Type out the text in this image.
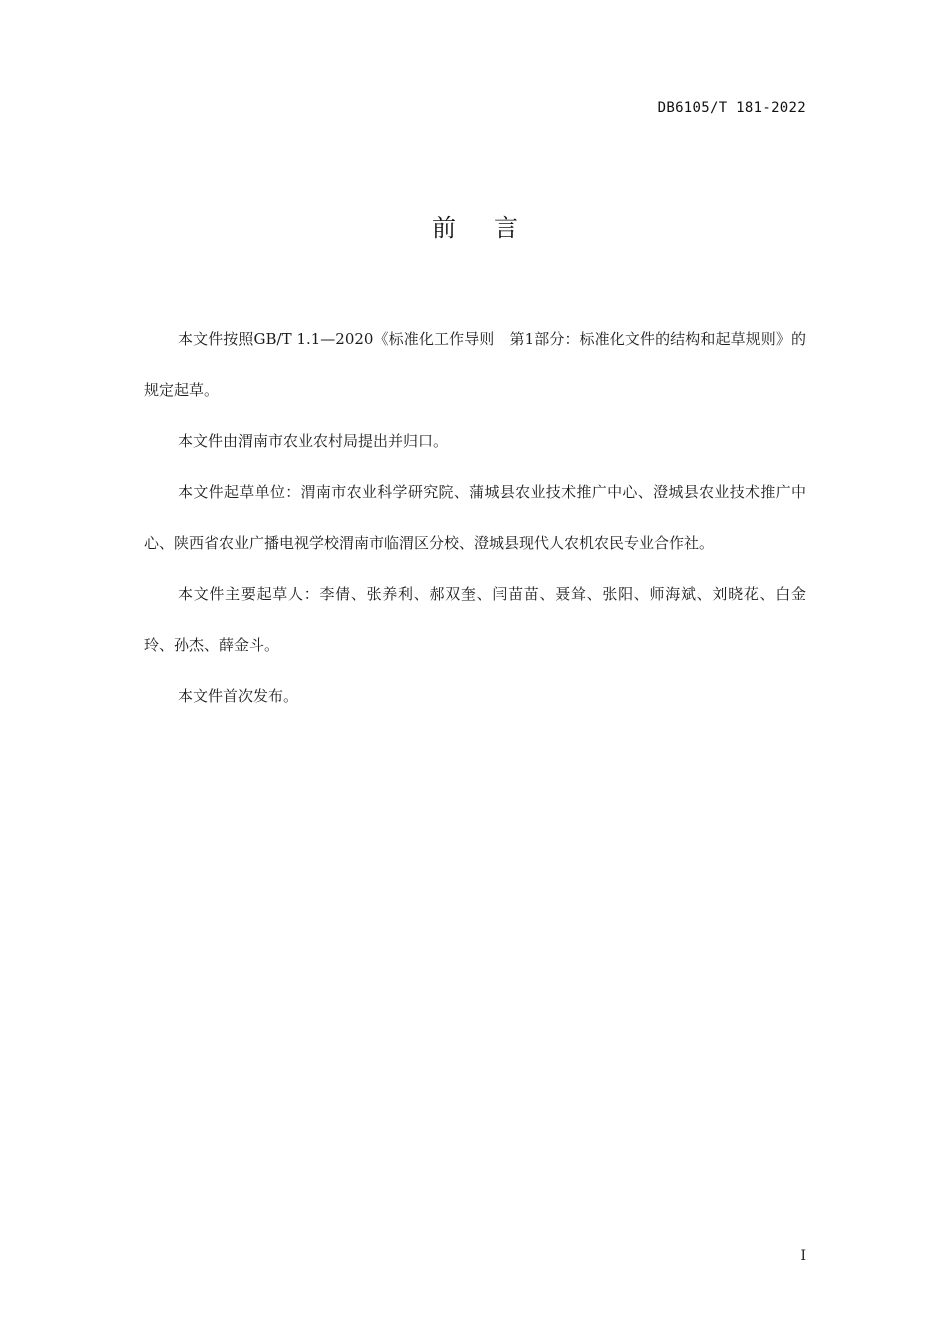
DB6105/T 181-2022
前言

本文件按照GB/T 1.1—2020《标准化工作导则　第1部分：标准化文件的结构和起草规则》的规定起草。

本文件由渭南市农业农村局提出并归口。

本文件起草单位：渭南市农业科学研究院、蒲城县农业技术推广中心、澄城县农业技术推广中心、陕西省农业广播电视学校渭南市临渭区分校、澄城县现代人农机农民专业合作社。

本文件主要起草人：李倩、张养利、郝双奎、闫苗苗、聂耸、张阳、师海斌、刘晓花、白金玲、孙杰、薛金斗。

本文件首次发布。

I
